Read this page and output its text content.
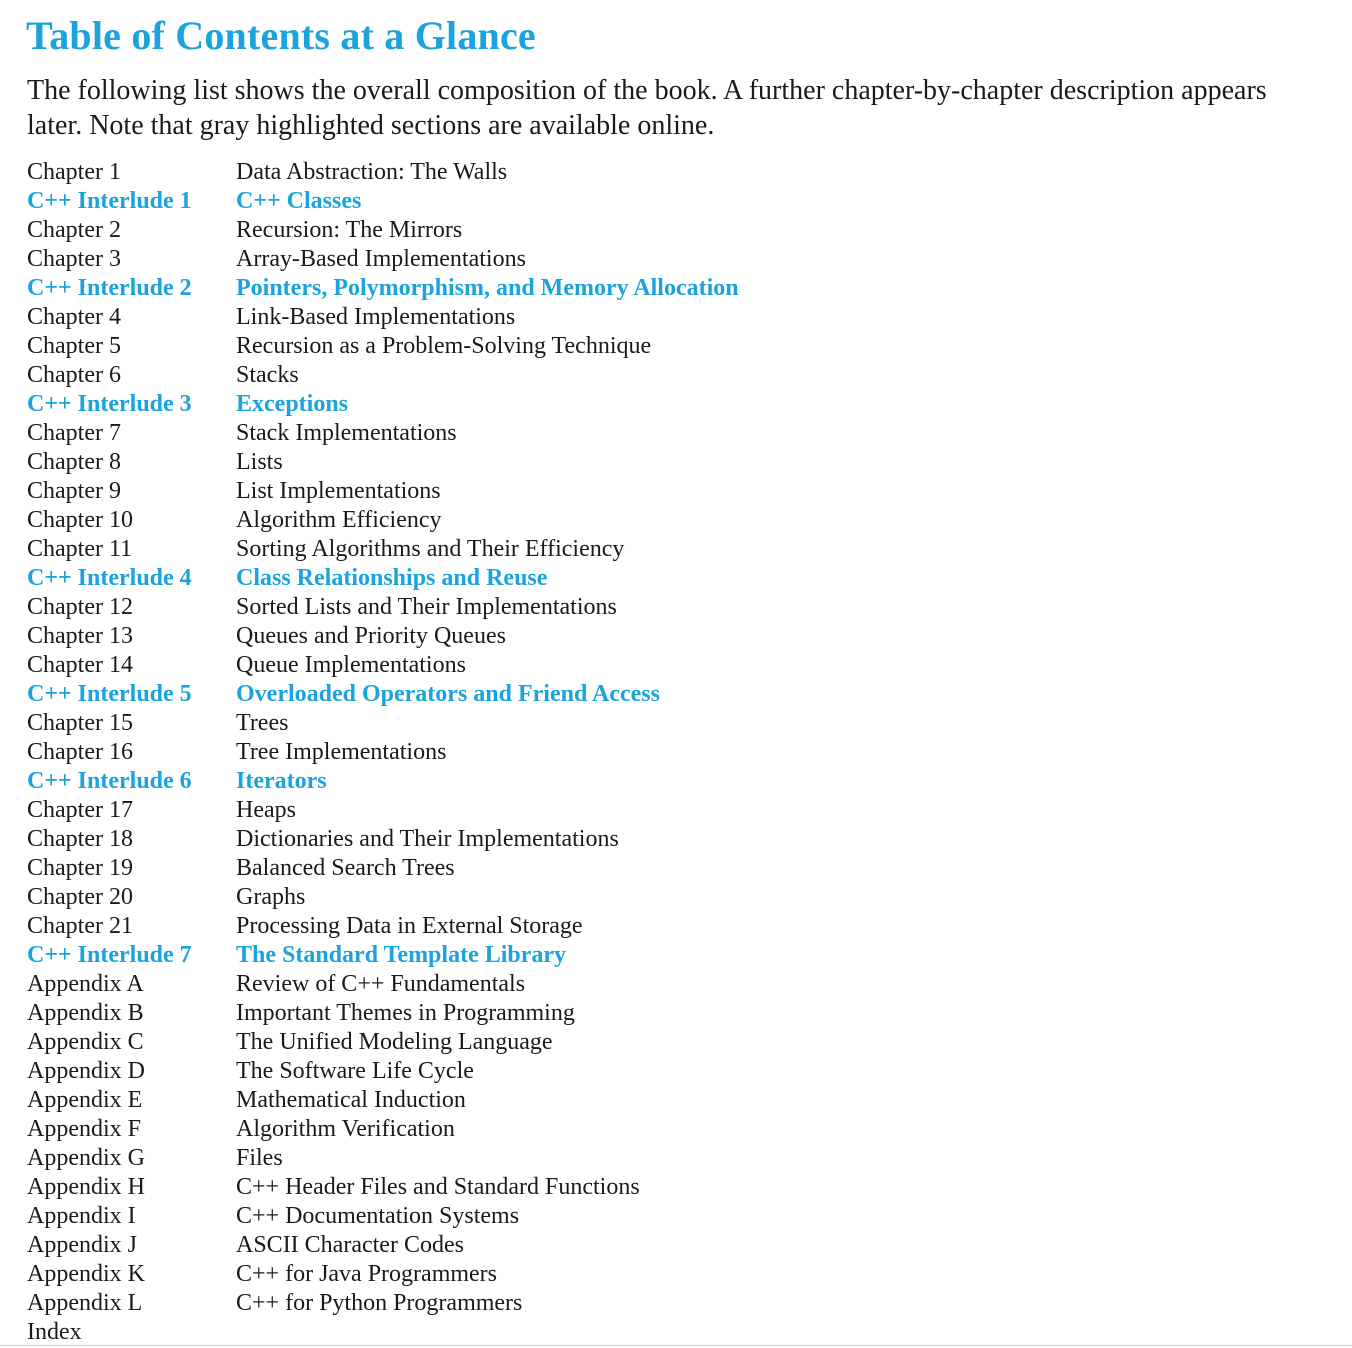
Table of Contents at a Glance

The following list shows the overall composition of the book. A further chapter-by-chapter description appears later. Note that gray highlighted sections are available online.

Chapter 1	Data Abstraction: The Walls
C++ Interlude 1	C++ Classes
Chapter 2	Recursion: The Mirrors
Chapter 3	Array-Based Implementations
C++ Interlude 2	Pointers, Polymorphism, and Memory Allocation
Chapter 4	Link-Based Implementations
Chapter 5	Recursion as a Problem-Solving Technique
Chapter 6	Stacks
C++ Interlude 3	Exceptions
Chapter 7	Stack Implementations
Chapter 8	Lists
Chapter 9	List Implementations
Chapter 10	Algorithm Efficiency
Chapter 11	Sorting Algorithms and Their Efficiency
C++ Interlude 4	Class Relationships and Reuse
Chapter 12	Sorted Lists and Their Implementations
Chapter 13	Queues and Priority Queues
Chapter 14	Queue Implementations
C++ Interlude 5	Overloaded Operators and Friend Access
Chapter 15	Trees
Chapter 16	Tree Implementations
C++ Interlude 6	Iterators
Chapter 17	Heaps
Chapter 18	Dictionaries and Their Implementations
Chapter 19	Balanced Search Trees
Chapter 20	Graphs
Chapter 21	Processing Data in External Storage
C++ Interlude 7	The Standard Template Library
Appendix A	Review of C++ Fundamentals
Appendix B	Important Themes in Programming
Appendix C	The Unified Modeling Language
Appendix D	The Software Life Cycle
Appendix E	Mathematical Induction
Appendix F	Algorithm Verification
Appendix G	Files
Appendix H	C++ Header Files and Standard Functions
Appendix I	C++ Documentation Systems
Appendix J	ASCII Character Codes
Appendix K	C++ for Java Programmers
Appendix L	C++ for Python Programmers
Index
